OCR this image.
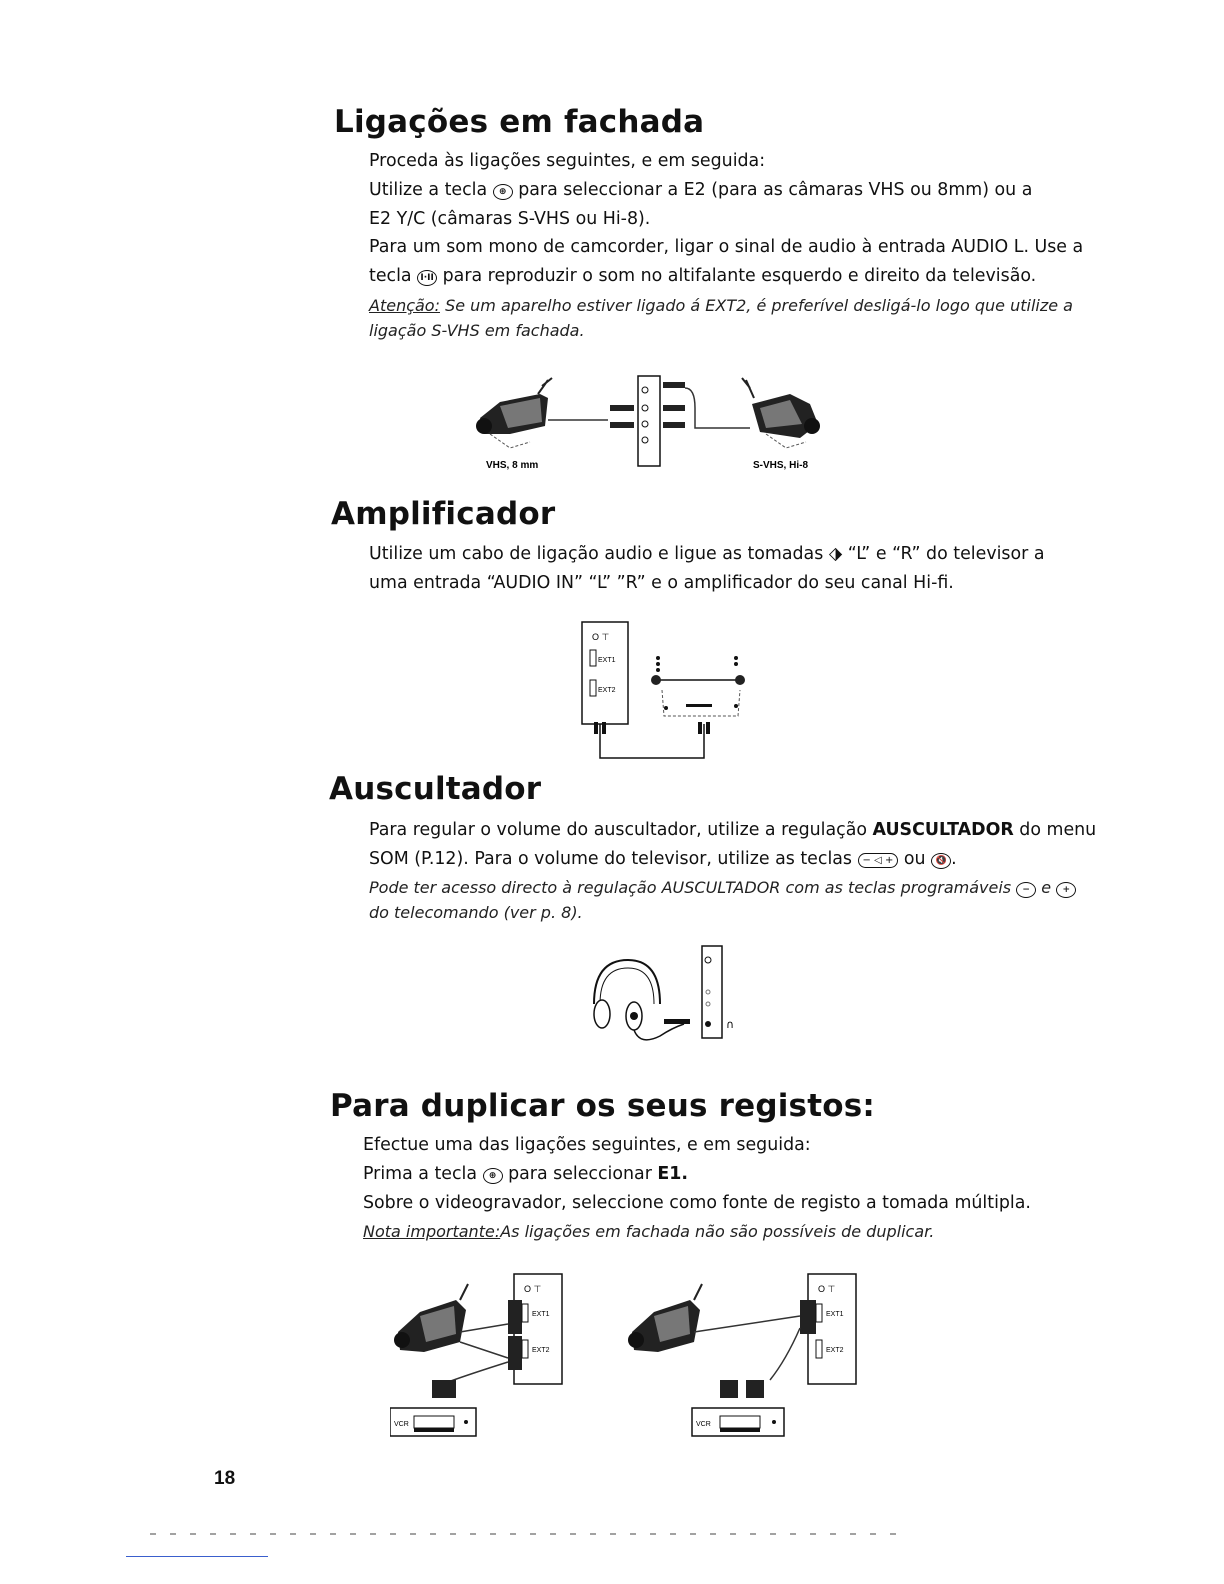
Ligações em fachada

Proceda às ligações seguintes, e em seguida:

Utilize a tecla ⊕ para seleccionar a E2 (para as câmaras VHS ou 8mm) ou a

E2 Y/C (câmaras S-VHS ou Hi-8).

Para um som mono de camcorder, ligar o sinal de audio à entrada AUDIO L. Use a

tecla I·II para reproduzir o som no altifalante esquerdo e direito da televisão.

Atenção: Se um aparelho estiver ligado á EXT2, é preferível desligá-lo logo que utilize a

ligação S-VHS em fachada.

VHS, 8 mm	S-VHS, Hi-8
Amplificador

Utilize um cabo de ligação audio e ligue as tomadas ⬗ “L” e “R” do televisor a

uma entrada “AUDIO IN” “L” ”R” e o amplificador do seu canal Hi-fi.

O ⊤
EXT1
EXT2
Auscultador

Para regular o volume do auscultador, utilize a regulação AUSCULTADOR do menu

SOM (P.12). Para o volume do televisor, utilize as teclas − ◁ + ou 🔇 .

Pode ter acesso directo à regulação AUSCULTADOR com as teclas programáveis − e +

do telecomando (ver p. 8).

∩
Para duplicar os seus registos:

Efectue uma das ligações seguintes, e em seguida:

Prima a tecla ⊕ para seleccionar E1.

Sobre o videogravador, seleccione como fonte de registo a tomada múltipla.

Nota importante:As ligações em fachada não são possíveis de duplicar.

O ⊤
EXT1
EXT2
VCR
O ⊤
EXT1
EXT2
VCR
18
